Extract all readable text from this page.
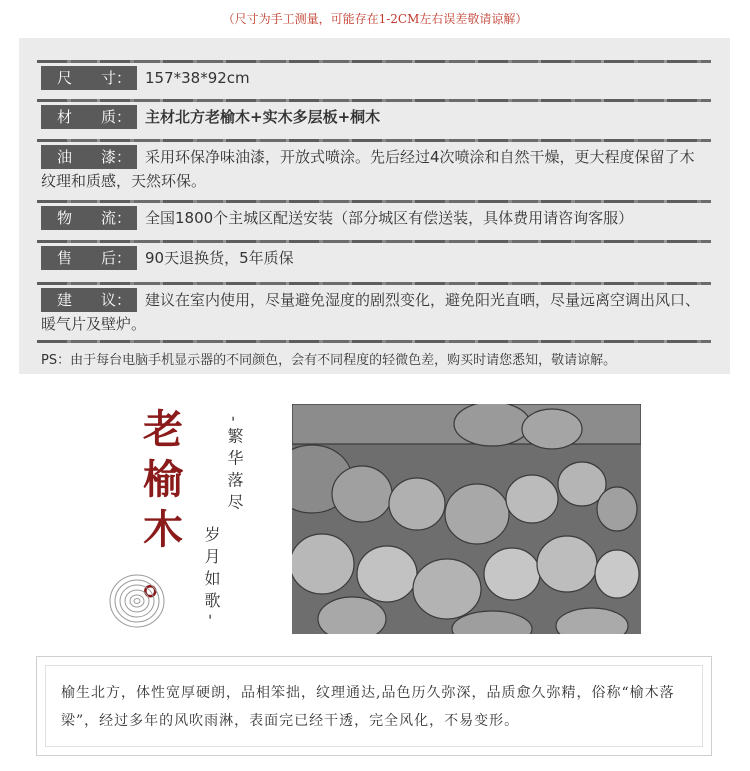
（尺寸为手工测量，可能存在1-2CM左右误差敬请谅解）
尺 寸： 157*38*92cm
材 质： 主材北方老榆木+实木多层板+桐木
油 漆： 采用环保净味油漆，开放式喷涂。先后经过4次喷涂和自然干燥，更大程度保留了木纹理和质感，天然环保。
物 流： 全国1800个主城区配送安装（部分城区有偿送装，具体费用请咨询客服）
售 后： 90天退换货，5年质保
建 议： 建议在室内使用，尽量避免湿度的剧烈变化，避免阳光直晒，尽量远离空调出风口、暖气片及壁炉。
PS：由于每台电脑手机显示器的不同颜色，会有不同程度的轻微色差，购买时请您悉知，敬请谅解。
老
榆
木
。
-繁华落尽
岁月如歌-
榆生北方，体性宽厚硬朗，品相笨拙，纹理通达,品色历久弥深，品质愈久弥精，俗称“榆木落梁”，经过多年的风吹雨淋，表面完已经干透，完全风化，不易变形。
